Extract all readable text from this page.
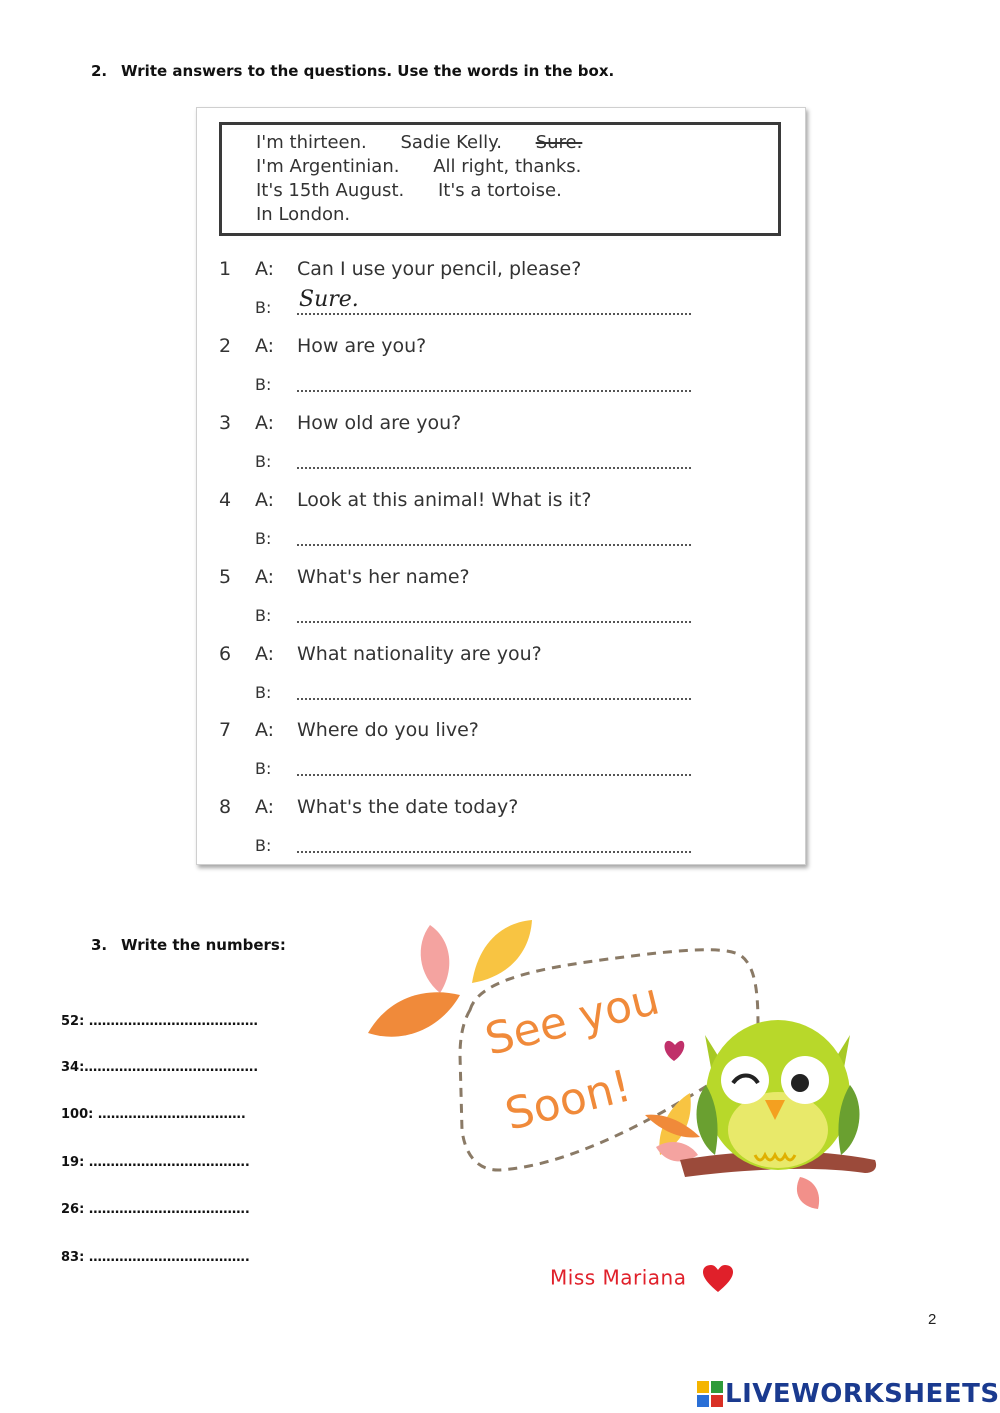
2. Write answers to the questions. Use the words in the box.
I'm thirteen. Sadie Kelly. Sure.
I'm Argentinian. All right, thanks.
It's 15th August. It's a tortoise.
In London.
1	A: Can I use your pencil, please?
B: Sure.
2	A: How are you?
B:
3	A: How old are you?
B:
4	A: Look at this animal! What is it?
B:
5	A: What's her name?
B:
6	A: What nationality are you?
B:
7	A: Where do you live?
B:
8	A: What's the date today?
B:
3. Write the numbers:
52: …………………………………
34:………………………………….
100: …………………………….
19: ……………………………….
26: ……………………………….
83: ……………………………….
See you
Soon!
Miss Mariana
2
LIVEWORKSHEETS
